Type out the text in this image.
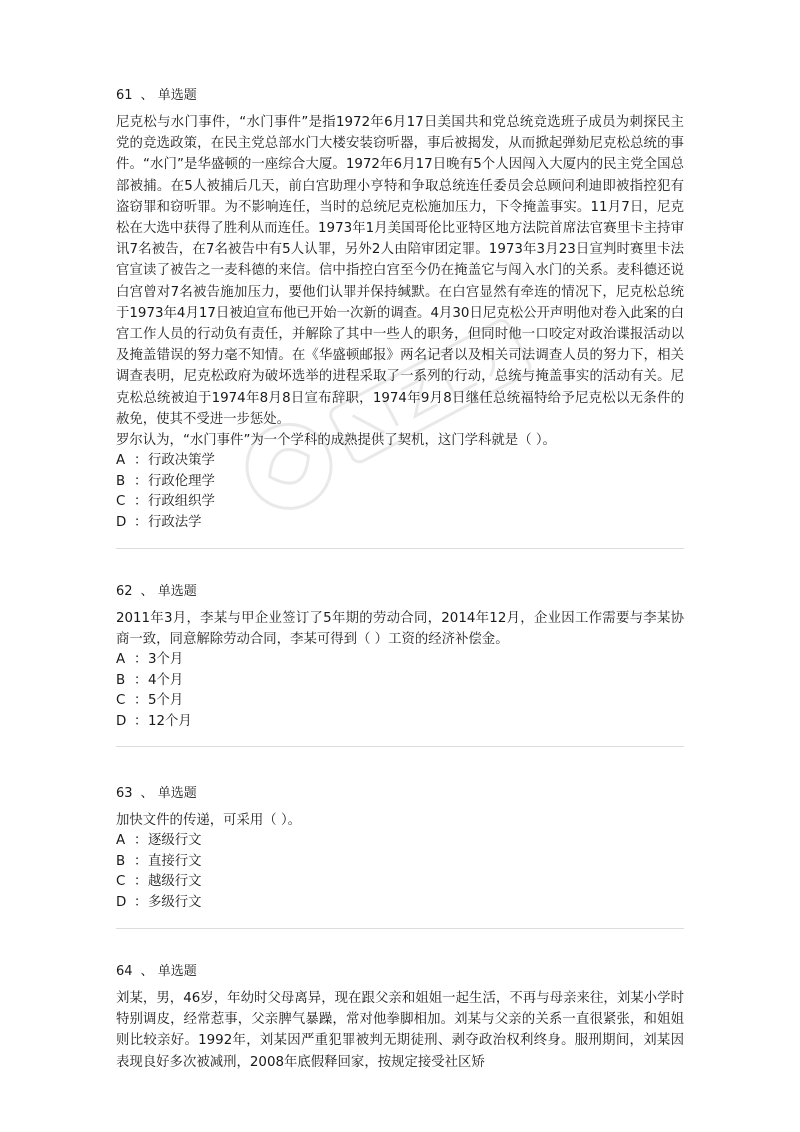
61 、 单选题

尼克松与水门事件，“水门事件”是指1972年6月17日美国共和党总统竞选班子成员为刺探民主党的竞选政策，在民主党总部水门大楼安装窃听器，事后被揭发，从而掀起弹劾尼克松总统的事件。“水门”是华盛顿的一座综合大厦。1972年6月17日晚有5个人因闯入大厦内的民主党全国总部被捕。在5人被捕后几天，前白宫助理小亨特和争取总统连任委员会总顾问利迪即被指控犯有盗窃罪和窃听罪。为不影响连任，当时的总统尼克松施加压力，下令掩盖事实。11月7日，尼克松在大选中获得了胜利从而连任。1973年1月美国哥伦比亚特区地方法院首席法官赛里卡主持审讯7名被告，在7名被告中有5人认罪，另外2人由陪审团定罪。1973年3月23日宣判时赛里卡法官宣读了被告之一麦科德的来信。信中指控白宫至今仍在掩盖它与闯入水门的关系。麦科德还说白宫曾对7名被告施加压力，要他们认罪并保持缄默。在白宫显然有牵连的情况下，尼克松总统于1973年4月17日被迫宣布他已开始一次新的调查。4月30日尼克松公开声明他对卷入此案的白宫工作人员的行动负有责任，并解除了其中一些人的职务，但同时他一口咬定对政治谍报活动以及掩盖错误的努力毫不知情。在《华盛顿邮报》两名记者以及相关司法调查人员的努力下，相关调查表明，尼克松政府为破坏选举的进程采取了一系列的行动，总统与掩盖事实的活动有关。尼克松总统被迫于1974年8月8日宣布辞职，1974年9月8日继任总统福特给予尼克松以无条件的赦免，使其不受进一步惩处。

罗尔认为，“水门事件”为一个学科的成熟提供了契机，这门学科就是（ ）。

A ：行政决策学
B ：行政伦理学
C ：行政组织学
D ：行政法学
62 、 单选题

2011年3月，李某与甲企业签订了5年期的劳动合同，2014年12月，企业因工作需要与李某协商一致，同意解除劳动合同，李某可得到（ ）工资的经济补偿金。

A ：3个月
B ：4个月
C ：5个月
D ：12个月
63 、 单选题

加快文件的传递，可采用（ ）。

A ：逐级行文
B ：直接行文
C ：越级行文
D ：多级行文
64 、 单选题

刘某，男，46岁，年幼时父母离异，现在跟父亲和姐姐一起生活，不再与母亲来往，刘某小学时特别调皮，经常惹事，父亲脾气暴躁，常对他拳脚相加。刘某与父亲的关系一直很紧张，和姐姐则比较亲好。1992年，刘某因严重犯罪被判无期徒刑、剥夺政治权利终身。服刑期间，刘某因表现良好多次被减刑，2008年底假释回家，按规定接受社区矫
